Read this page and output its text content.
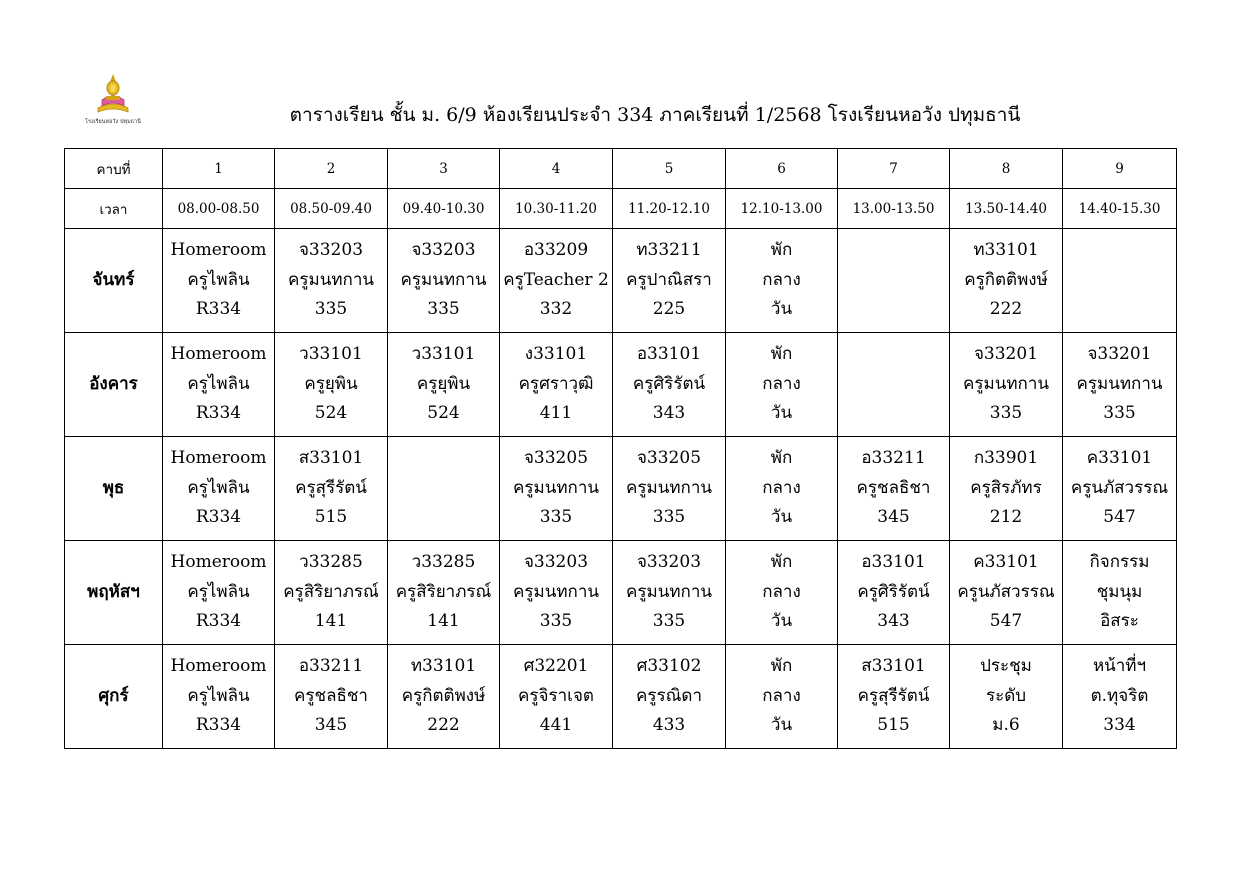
โรงเรียนหอวัง ปทุมธานี	ตารางเรียน ชั้น ม. 6/9 ห้องเรียนประจำ 334 ภาคเรียนที่ 1/2568 โรงเรียนหอวัง ปทุมธานี
คาบที่	1	2	3	4	5	6	7	8	9
เวลา	08.00-08.50	08.50-09.40	09.40-10.30	10.30-11.20	11.20-12.10	12.10-13.00	13.00-13.50	13.50-14.40	14.40-15.30
จันทร์	Homeroom
ครูไพลิน
R334	จ33203
ครูมนทกาน
335	จ33203
ครูมนทกาน
335	อ33209
ครูTeacher 2
332	ท33211
ครูปาณิสรา
225	พัก
กลาง
วัน		ท33101
ครูกิตติพงษ์
222	

อังคาร	Homeroom
ครูไพลิน
R334	ว33101
ครูยุพิน
524	ว33101
ครูยุพิน
524	ง33101
ครูศราวุฒิ
411	อ33101
ครูศิริรัตน์
343	พัก
กลาง
วัน		จ33201
ครูมนทกาน
335	จ33201
ครูมนทกาน
335

พุธ	Homeroom
ครูไพลิน
R334	ส33101
ครูสุรีรัตน์
515		จ33205
ครูมนทกาน
335	จ33205
ครูมนทกาน
335	พัก
กลาง
วัน	อ33211
ครูชลธิชา
345	ก33901
ครูสิรภัทร
212	ค33101
ครูนภัสวรรณ
547

พฤหัสฯ	Homeroom
ครูไพลิน
R334	ว33285
ครูสิริยาภรณ์
141	ว33285
ครูสิริยาภรณ์
141	จ33203
ครูมนทกาน
335	จ33203
ครูมนทกาน
335	พัก
กลาง
วัน	อ33101
ครูศิริรัตน์
343	ค33101
ครูนภัสวรรณ
547	กิจกรรม
ชุมนุม
อิสระ

ศุกร์	Homeroom
ครูไพลิน
R334	อ33211
ครูชลธิชา
345	ท33101
ครูกิตติพงษ์
222	ศ32201
ครูจิราเจต
441	ศ33102
ครูรณิดา
433	พัก
กลาง
วัน	ส33101
ครูสุรีรัตน์
515	ประชุม
ระดับ
ม.6	หน้าที่ฯ
ต.ทุจริต
334
